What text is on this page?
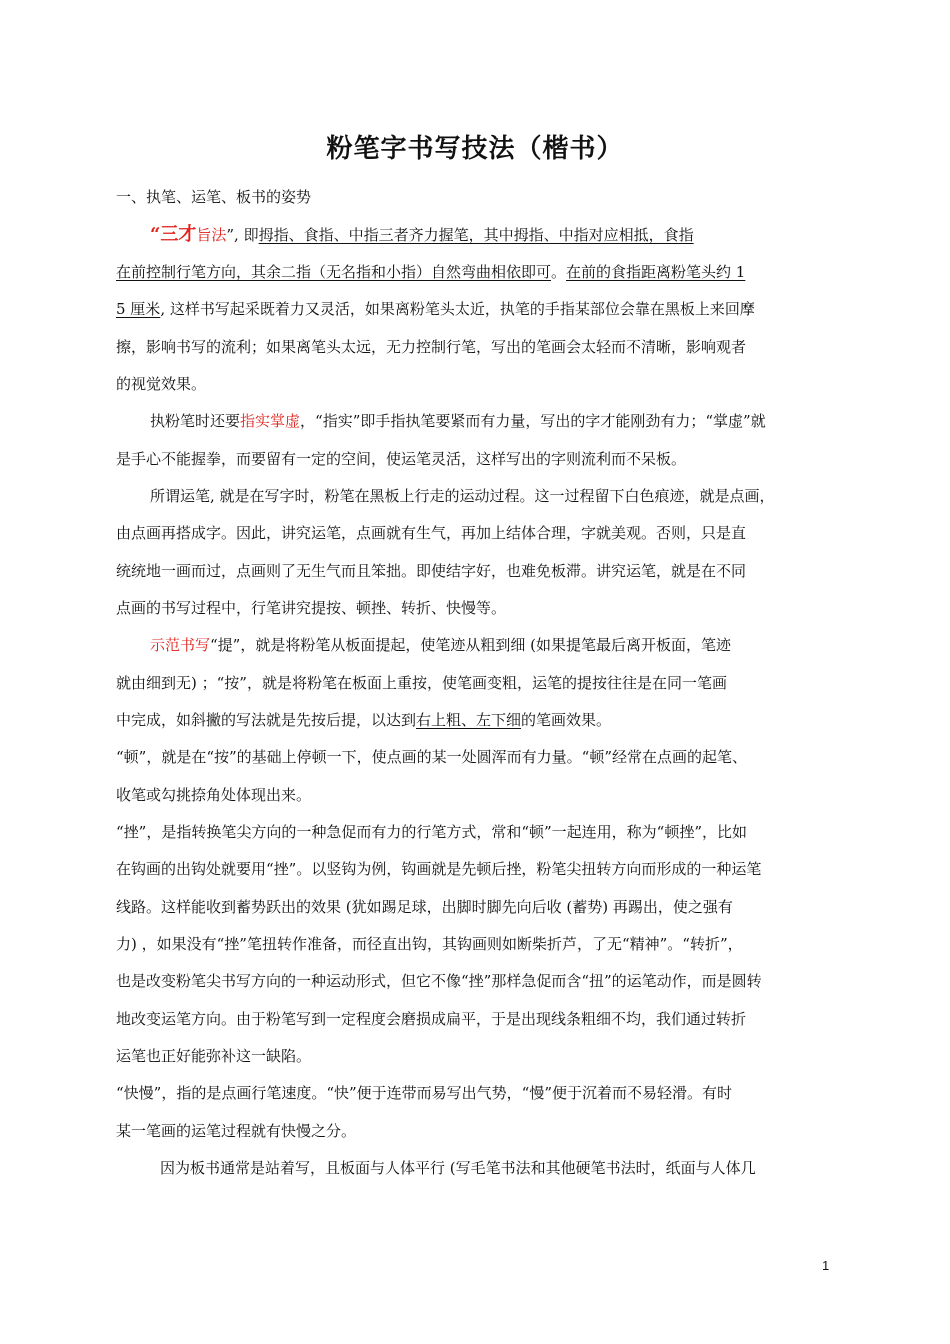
粉笔字书写技法（楷书）
一、执笔、运笔、板书的姿势
“三才旨法”, 即拇指、食指、中指三者齐力握笔，其中拇指、中指对应相抵，食指
在前控制行笔方向，其余二指（无名指和小指）自然弯曲相依即可。在前的食指距离粉笔头约 1
5 厘米, 这样书写起采既着力又灵活，如果离粉笔头太近，执笔的手指某部位会靠在黑板上来回摩
擦，影响书写的流利；如果离笔头太远，无力控制行笔，写出的笔画会太轻而不清晰，影响观者
的视觉效果。
执粉笔时还要指实掌虚，“指实”即手指执笔要紧而有力量，写出的字才能刚劲有力；“掌虚”就
是手心不能握拳，而要留有一定的空间，使运笔灵活，这样写出的字则流利而不呆板。
所谓运笔, 就是在写字时，粉笔在黑板上行走的运动过程。这一过程留下白色痕迹，就是点画，
由点画再搭成字。因此，讲究运笔，点画就有生气，再加上结体合理，字就美观。否则，只是直
统统地一画而过，点画则了无生气而且笨拙。即使结字好，也难免板滞。讲究运笔，就是在不同
点画的书写过程中，行笔讲究提按、顿挫、转折、快慢等。
示范书写“提”，就是将粉笔从板面提起，使笔迹从粗到细 (如果提笔最后离开板面，笔迹
就由细到无) ；“按”，就是将粉笔在板面上重按，使笔画变粗，运笔的提按往往是在同一笔画
中完成，如斜撇的写法就是先按后提，以达到右上粗、左下细的笔画效果。
“顿”，就是在“按”的基础上停顿一下，使点画的某一处圆浑而有力量。“顿”经常在点画的起笔、
收笔或勾挑捺角处体现出来。
“挫”，是指转换笔尖方向的一种急促而有力的行笔方式，常和“顿”一起连用，称为“顿挫”，比如
在钩画的出钩处就要用“挫”。以竖钩为例，钩画就是先顿后挫，粉笔尖扭转方向而形成的一种运笔
线路。这样能收到蓄势跃出的效果 (犹如踢足球，出脚时脚先向后收 (蓄势) 再踢出，使之强有
力) ，如果没有“挫”笔扭转作准备，而径直出钩，其钩画则如断柴折芦，了无“精神”。“转折”，
也是改变粉笔尖书写方向的一种运动形式，但它不像“挫”那样急促而含“扭”的运笔动作，而是圆转
地改变运笔方向。由于粉笔写到一定程度会磨损成扁平，于是出现线条粗细不均，我们通过转折
运笔也正好能弥补这一缺陷。
“快慢”，指的是点画行笔速度。“快”便于连带而易写出气势，“慢”便于沉着而不易轻滑。有时
某一笔画的运笔过程就有快慢之分。
因为板书通常是站着写，且板面与人体平行 (写毛笔书法和其他硬笔书法时，纸面与人体几
1
